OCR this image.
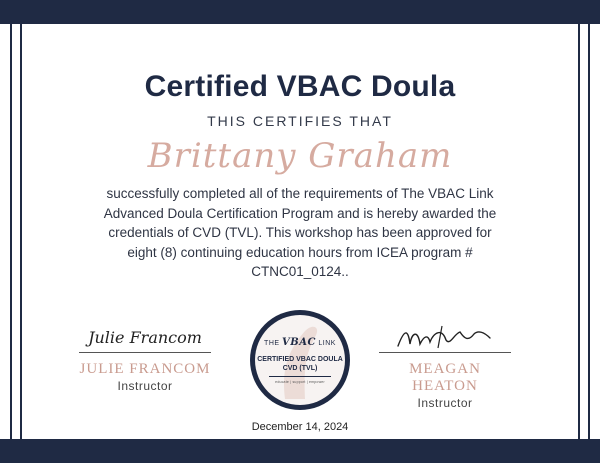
Certified VBAC Doula
THIS CERTIFIES THAT
Brittany Graham
successfully completed all of the requirements of The VBAC Link Advanced Doula Certification Program and is hereby awarded the credentials of CVD (TVL). This workshop has been approved for eight (8) continuing education hours from ICEA program # CTNC01_0124..
Julie Francom
JULIE FRANCOM
Instructor
MEAGAN HEATON
Instructor
THE VBAC LINK
CERTIFIED VBAC DOULA
CVD (TVL)
educate | support | empower
December 14, 2024
